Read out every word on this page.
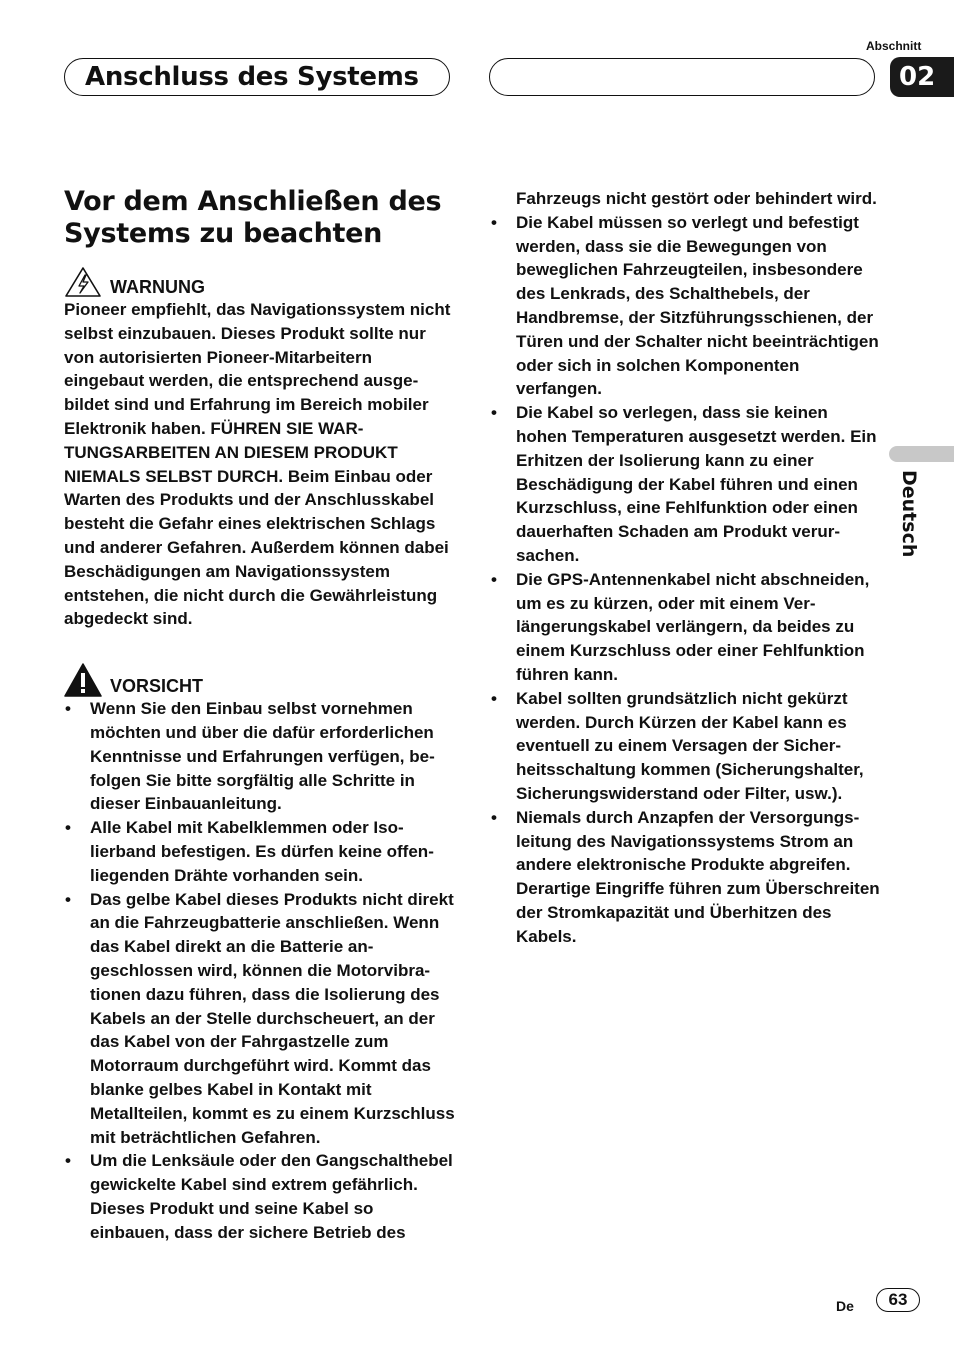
Abschnitt
Anschluss des Systems	02
Deutsch
Vor dem Anschließen des Systems zu beachten
WARNUNG

Pioneer empfiehlt, das Navigationssystem nicht selbst einzubauen. Dieses Produkt sollte nur von autorisierten Pioneer-Mitarbeitern eingebaut werden, die entsprechend ausgebildet sind und Erfahrung im Bereich mobiler Elektronik haben. FÜHREN SIE WARTUNGSARBEITEN AN DIESEM PRODUKT NIEMALS SELBST DURCH. Beim Einbau oder Warten des Produkts und der Anschlusskabel besteht die Gefahr eines elektrischen Schlags und anderer Gefahren. Außerdem können dabei Beschädigungen am Navigationssystem entstehen, die nicht durch die Gewährleistung abgedeckt sind.

VORSICHT
• Wenn Sie den Einbau selbst vornehmen möchten und über die dafür erforderlichen Kenntnisse und Erfahrungen verfügen, befolgen Sie bitte sorgfältig alle Schritte in dieser Einbauanleitung.
• Alle Kabel mit Kabelklemmen oder Isolierband befestigen. Es dürfen keine offenliegenden Drähte vorhanden sein.
• Das gelbe Kabel dieses Produkts nicht direkt an die Fahrzeugbatterie anschließen. Wenn das Kabel direkt an die Batterie angeschlossen wird, können die Motorvibrationen dazu führen, dass die Isolierung des Kabels an der Stelle durchscheuert, an der das Kabel von der Fahrgastzelle zum Motorraum durchgeführt wird. Kommt das blanke gelbes Kabel in Kontakt mit Metallteilen, kommt es zu einem Kurzschluss mit beträchtlichen Gefahren.
• Um die Lenksäule oder den Gangschalthebel gewickelte Kabel sind extrem gefährlich. Dieses Produkt und seine Kabel so einbauen, dass der sichere Betrieb des

Fahrzeugs nicht gestört oder behindert wird.

• Die Kabel müssen so verlegt und befestigt werden, dass sie die Bewegungen von beweglichen Fahrzeugteilen, insbesondere des Lenkrads, des Schalthebels, der Handbremse, der Sitzführungsschienen, der Türen und der Schalter nicht beeinträchtigen oder sich in solchen Komponenten verfangen.
• Die Kabel so verlegen, dass sie keinen hohen Temperaturen ausgesetzt werden. Ein Erhitzen der Isolierung kann zu einer Beschädigung der Kabel führen und einen Kurzschluss, eine Fehlfunktion oder einen dauerhaften Schaden am Produkt verursachen.
• Die GPS-Antennenkabel nicht abschneiden, um es zu kürzen, oder mit einem Verlängerungskabel verlängern, da beides zu einem Kurzschluss oder einer Fehlfunktion führen kann.
• Kabel sollten grundsätzlich nicht gekürzt werden. Durch Kürzen der Kabel kann es eventuell zu einem Versagen der Sicherheitsschaltung kommen (Sicherungshalter, Sicherungswiderstand oder Filter, usw.).
• Niemals durch Anzapfen der Versorgungsleitung des Navigationssystems Strom an andere elektronische Produkte abgreifen. Derartige Eingriffe führen zum Überschreiten der Stromkapazität und Überhitzen des Kabels.
De	63
